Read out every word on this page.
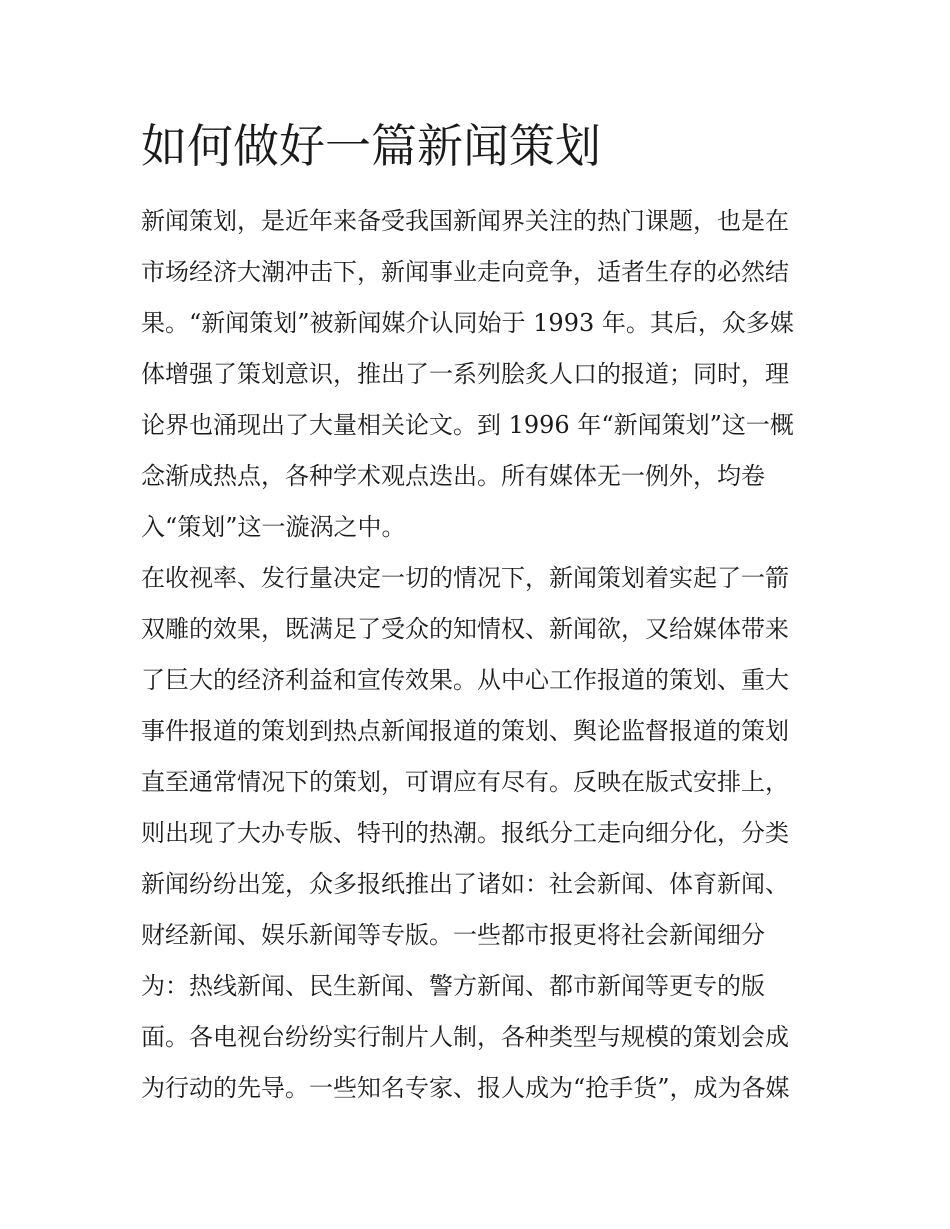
如何做好一篇新闻策划
新闻策划，是近年来备受我国新闻界关注的热门课题，也是在
市场经济大潮冲击下，新闻事业走向竞争，适者生存的必然结
果。“新闻策划”被新闻媒介认同始于 1993 年。其后，众多媒
体增强了策划意识，推出了一系列脍炙人口的报道；同时，理
论界也涌现出了大量相关论文。到 1996 年“新闻策划”这一概
念渐成热点，各种学术观点迭出。所有媒体无一例外，均卷
入“策划”这一漩涡之中。
在收视率、发行量决定一切的情况下，新闻策划着实起了一箭
双雕的效果，既满足了受众的知情权、新闻欲，又给媒体带来
了巨大的经济利益和宣传效果。从中心工作报道的策划、重大
事件报道的策划到热点新闻报道的策划、舆论监督报道的策划
直至通常情况下的策划，可谓应有尽有。反映在版式安排上，
则出现了大办专版、特刊的热潮。报纸分工走向细分化，分类
新闻纷纷出笼，众多报纸推出了诸如：社会新闻、体育新闻、
财经新闻、娱乐新闻等专版。一些都市报更将社会新闻细分
为：热线新闻、民生新闻、警方新闻、都市新闻等更专的版
面。各电视台纷纷实行制片人制，各种类型与规模的策划会成
为行动的先导。一些知名专家、报人成为“抢手货”，成为各媒
